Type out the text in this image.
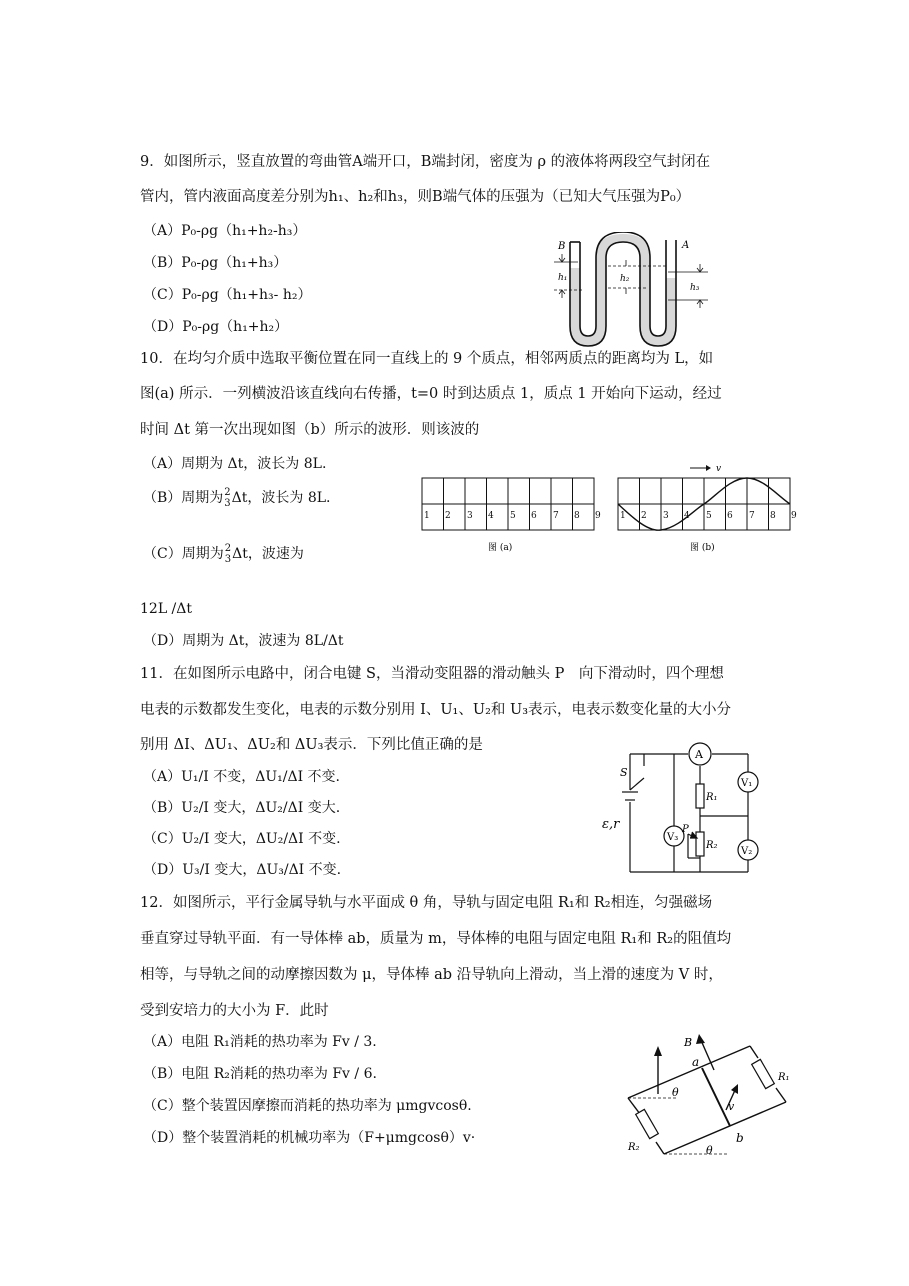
9．如图所示，竖直放置的弯曲管A端开口，B端封闭，密度为 ρ 的液体将两段空气封闭在
管内，管内液面高度差分别为h₁、h₂和h₃，则B端气体的压强为（已知大气压强为P₀）
（A）P₀-ρg（h₁+h₂-h₃）
（B）P₀-ρg（h₁+h₃）
（C）P₀-ρg（h₁+h₃- h₂）
（D）P₀-ρg（h₁+h₂）
B	A
h₁	h₂
h₃
10．在均匀介质中选取平衡位置在同一直线上的 9 个质点，相邻两质点的距离均为 L，如
图(a) 所示．一列横波沿该直线向右传播，t=0 时到达质点 1，质点 1 开始向下运动，经过
时间 Δt 第一次出现如图（b）所示的波形．则该波的
（A）周期为 Δt，波长为 8L.
（B）周期为 2
3 Δt，波长为 8L.
（C）周期为 2
3 Δt，波速为
12L /Δt
（D）周期为 Δt，波速为 8L/Δt
1 2 3 4 5 6 7 8 9
图 (a)
1 2 3 4 5 6 7 8 9
v
图 (b)
11．在如图所示电路中，闭合电键 S，当滑动变阻器的滑动触头 P　向下滑动时，四个理想
电表的示数都发生变化，电表的示数分别用 I、U₁、U₂和 U₃表示，电表示数变化量的大小分
别用 ΔI、ΔU₁、ΔU₂和 ΔU₃表示．下列比值正确的是
（A）U₁/I 不变，ΔU₁/ΔI 不变.
（B）U₂/I 变大，ΔU₂/ΔI 变大.
（C）U₂/I 变大，ΔU₂/ΔI 不变.
（D）U₃/I 变大，ΔU₃/ΔI 不变.
A
V₁
V₂
V₃
S
ε,r
R₁
R₂
P
12．如图所示，平行金属导轨与水平面成 θ 角，导轨与固定电阻 R₁和 R₂相连，匀强磁场
垂直穿过导轨平面．有一导体棒 ab，质量为 m，导体棒的电阻与固定电阻 R₁和 R₂的阻值均
相等，与导轨之间的动摩擦因数为 μ，导体棒 ab 沿导轨向上滑动，当上滑的速度为 V 时，
受到安培力的大小为 F．此时
（A）电阻 R₁消耗的热功率为 Fv / 3.
（B）电阻 R₂消耗的热功率为 Fv / 6.
（C）整个装置因摩擦而消耗的热功率为 μmgvcosθ.
（D）整个装置消耗的机械功率为（F+μmgcosθ）v·
B
a
b
θ
θ
v
R₁
R₂
